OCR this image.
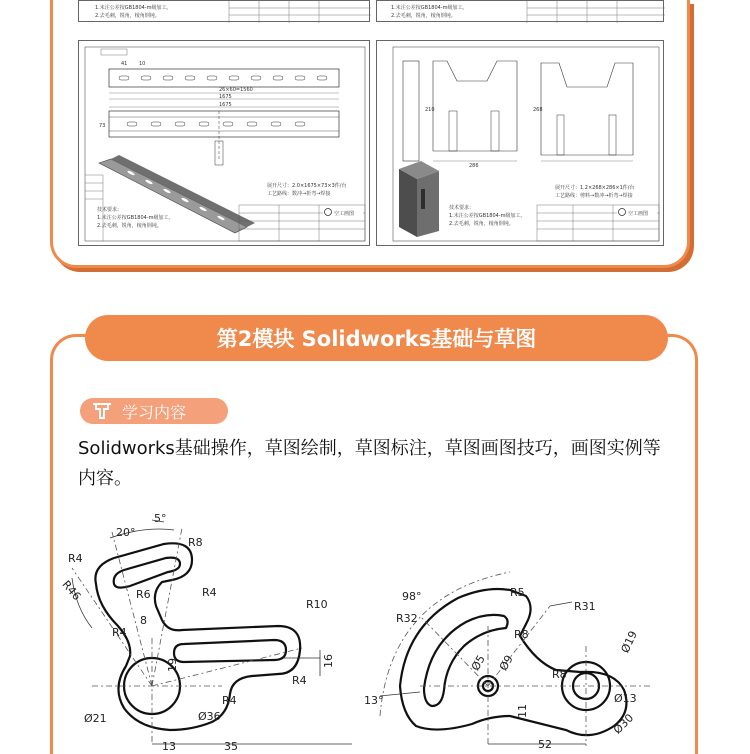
1.未注公差按GB1804-m级加工。
2.去毛刺，锐角，棱角倒钝。
1.未注公差按GB1804-m级加工。
2.去毛刺，锐角，棱角倒钝。
26×60=1560
1675
41 10
1675
73
技术要求：
1.未注公差按GB1804-m级加工。
2.去毛刺，锐角，棱角倒钝。
展开尺寸：2.0×1675×73×3件/台
工艺路线：数冲→折弯→焊接
空工画图
210
286
268
技术要求：
1.未注公差按GB1804-m级加工。
2.去毛刺，锐角，棱角倒钝。
展开尺寸：1.2×268×286×1件/台
工艺路线：剪料→数冲→折弯→焊接
空工画图
第2模块 Solidworks基础与草图
学习内容
Solidworks基础操作，草图绘制，草图标注，草图画图技巧，画图实例等内容。
20°
5°
R4
R8
R46	R6	R4
8
R4
R10
19	16
R4
R4
Ø21	Ø36
13	35
98°	R5
R31
R32
R8	Ø19
Ø5 Ø9
R8
13°
11
Ø13
Ø30
52
